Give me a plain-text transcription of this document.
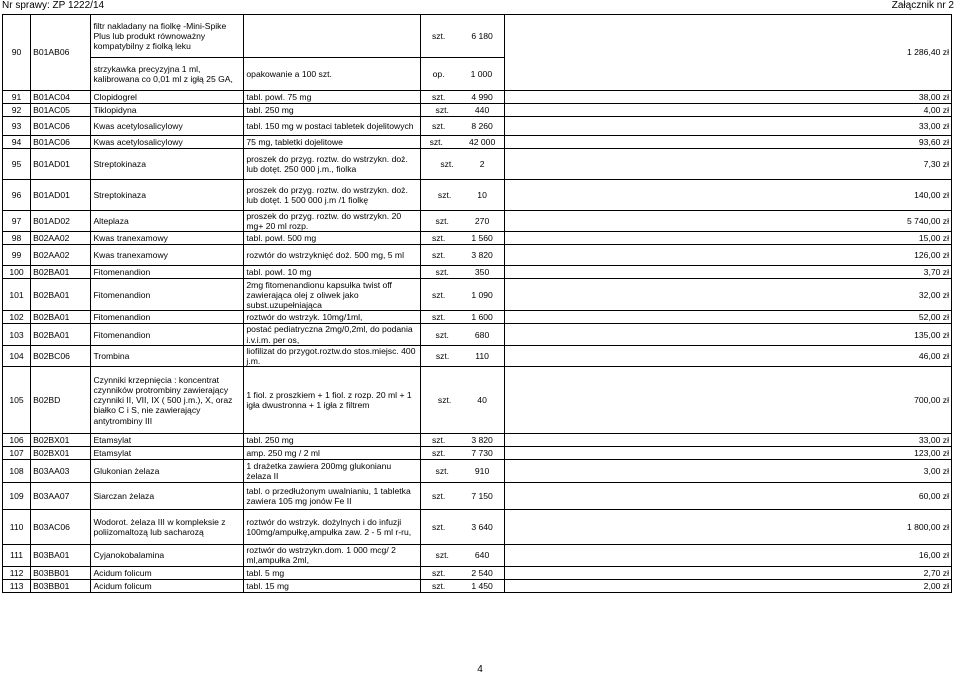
Nr sprawy: ZP 1222/14	Załącznik nr 2
90	B01AB06	filtr nakladany na fiolkę -Mini-Spike Plus lub produkt równoważny kompatybilny z fiolką leku		szt. 6 180	1 286,40 zł
		strzykawka precyzyjna 1 ml, kalibrowana co 0,01 ml z igłą 25 GA,	opakowanie a 100 szt.	op. 1 000	
91	B01AC04	Clopidogrel	tabl. powl. 75 mg	szt. 4 990	38,00 zł
92	B01AC05	Tiklopidyna	tabl. 250 mg	szt. 440	4,00 zł
93	B01AC06	Kwas acetylosalicylowy	tabl. 150 mg w postaci tabletek dojelitowych	szt. 8 260	33,00 zł
94	B01AC06	Kwas acetylosalicylowy	75 mg, tabletki dojelitowe	szt. 42 000	93,60 zł
95	B01AD01	Streptokinaza	proszek do przyg. roztw. do wstrzykn. doż. lub dotęt. 250 000 j.m., fiolka	szt. 2	7,30 zł
96	B01AD01	Streptokinaza	proszek do przyg. roztw. do wstrzykn. doż. lub dotęt. 1 500 000 j.m /1 fiolkę	szt. 10	140,00 zł
97	B01AD02	Alteplaza	proszek do przyg. roztw. do wstrzykn. 20 mg+ 20 ml rozp.	szt. 270	5 740,00 zł
98	B02AA02	Kwas tranexamowy	tabl. powl. 500 mg	szt. 1 560	15,00 zł
99	B02AA02	Kwas tranexamowy	rozwtór do wstrzyknięć doż. 500 mg, 5 ml	szt. 3 820	126,00 zł
100	B02BA01	Fitomenandion	tabl. powl. 10 mg	szt. 350	3,70 zł
101	B02BA01	Fitomenandion	2mg fitomenandionu kapsułka twist off zawierająca olej z oliwek jako subst.uzupełniająca	szt. 1 090	32,00 zł
102	B02BA01	Fitomenandion	roztwór do wstrzyk. 10mg/1ml,	szt. 1 600	52,00 zł
103	B02BA01	Fitomenandion	postać pediatryczna 2mg/0,2ml, do podania i.v.i.m. per os,	szt. 680	135,00 zł
104	B02BC06	Trombina	liofilizat do przygot.roztw.do stos.miejsc. 400 j.m.	szt. 110	46,00 zł
105	B02BD	Czynniki krzepnięcia : koncentrat czynników protrombiny zawierający czynniki II, VII, IX ( 500 j.m.), X, oraz białko C i S, nie zawierający antytrombiny III	1 fiol. z proszkiem + 1 fiol. z rozp. 20 ml + 1 igła dwustronna + 1 igła z filtrem	szt. 40	700,00 zł
106	B02BX01	Etamsylat	tabl. 250 mg	szt. 3 820	33,00 zł
107	B02BX01	Etamsylat	amp. 250 mg / 2 ml	szt. 7 730	123,00 zł
108	B03AA03	Glukonian żelaza	1 drażetka zawiera 200mg glukonianu żelaza II	szt. 910	3,00 zł
109	B03AA07	Siarczan żelaza	tabl. o przedłużonym uwalnianiu, 1 tabletka zawiera 105 mg jonów Fe II	szt. 7 150	60,00 zł
110	B03AC06	Wodorot. żelaza III w kompleksie z poliizomaltozą lub sacharozą	roztwór do wstrzyk. dożylnych i do infuzji 100mg/ampułkę,ampułka zaw. 2 - 5 ml r-ru,	szt. 3 640	1 800,00 zł
111	B03BA01	Cyjanokobalamina	roztwór do wstrzykn.dom. 1 000 mcg/ 2 ml,ampułka 2ml,	szt. 640	16,00 zł
112	B03BB01	Acidum folicum	tabl. 5 mg	szt. 2 540	2,70 zł
113	B03BB01	Acidum folicum	tabl. 15 mg	szt. 1 450	2,00 zł
4
